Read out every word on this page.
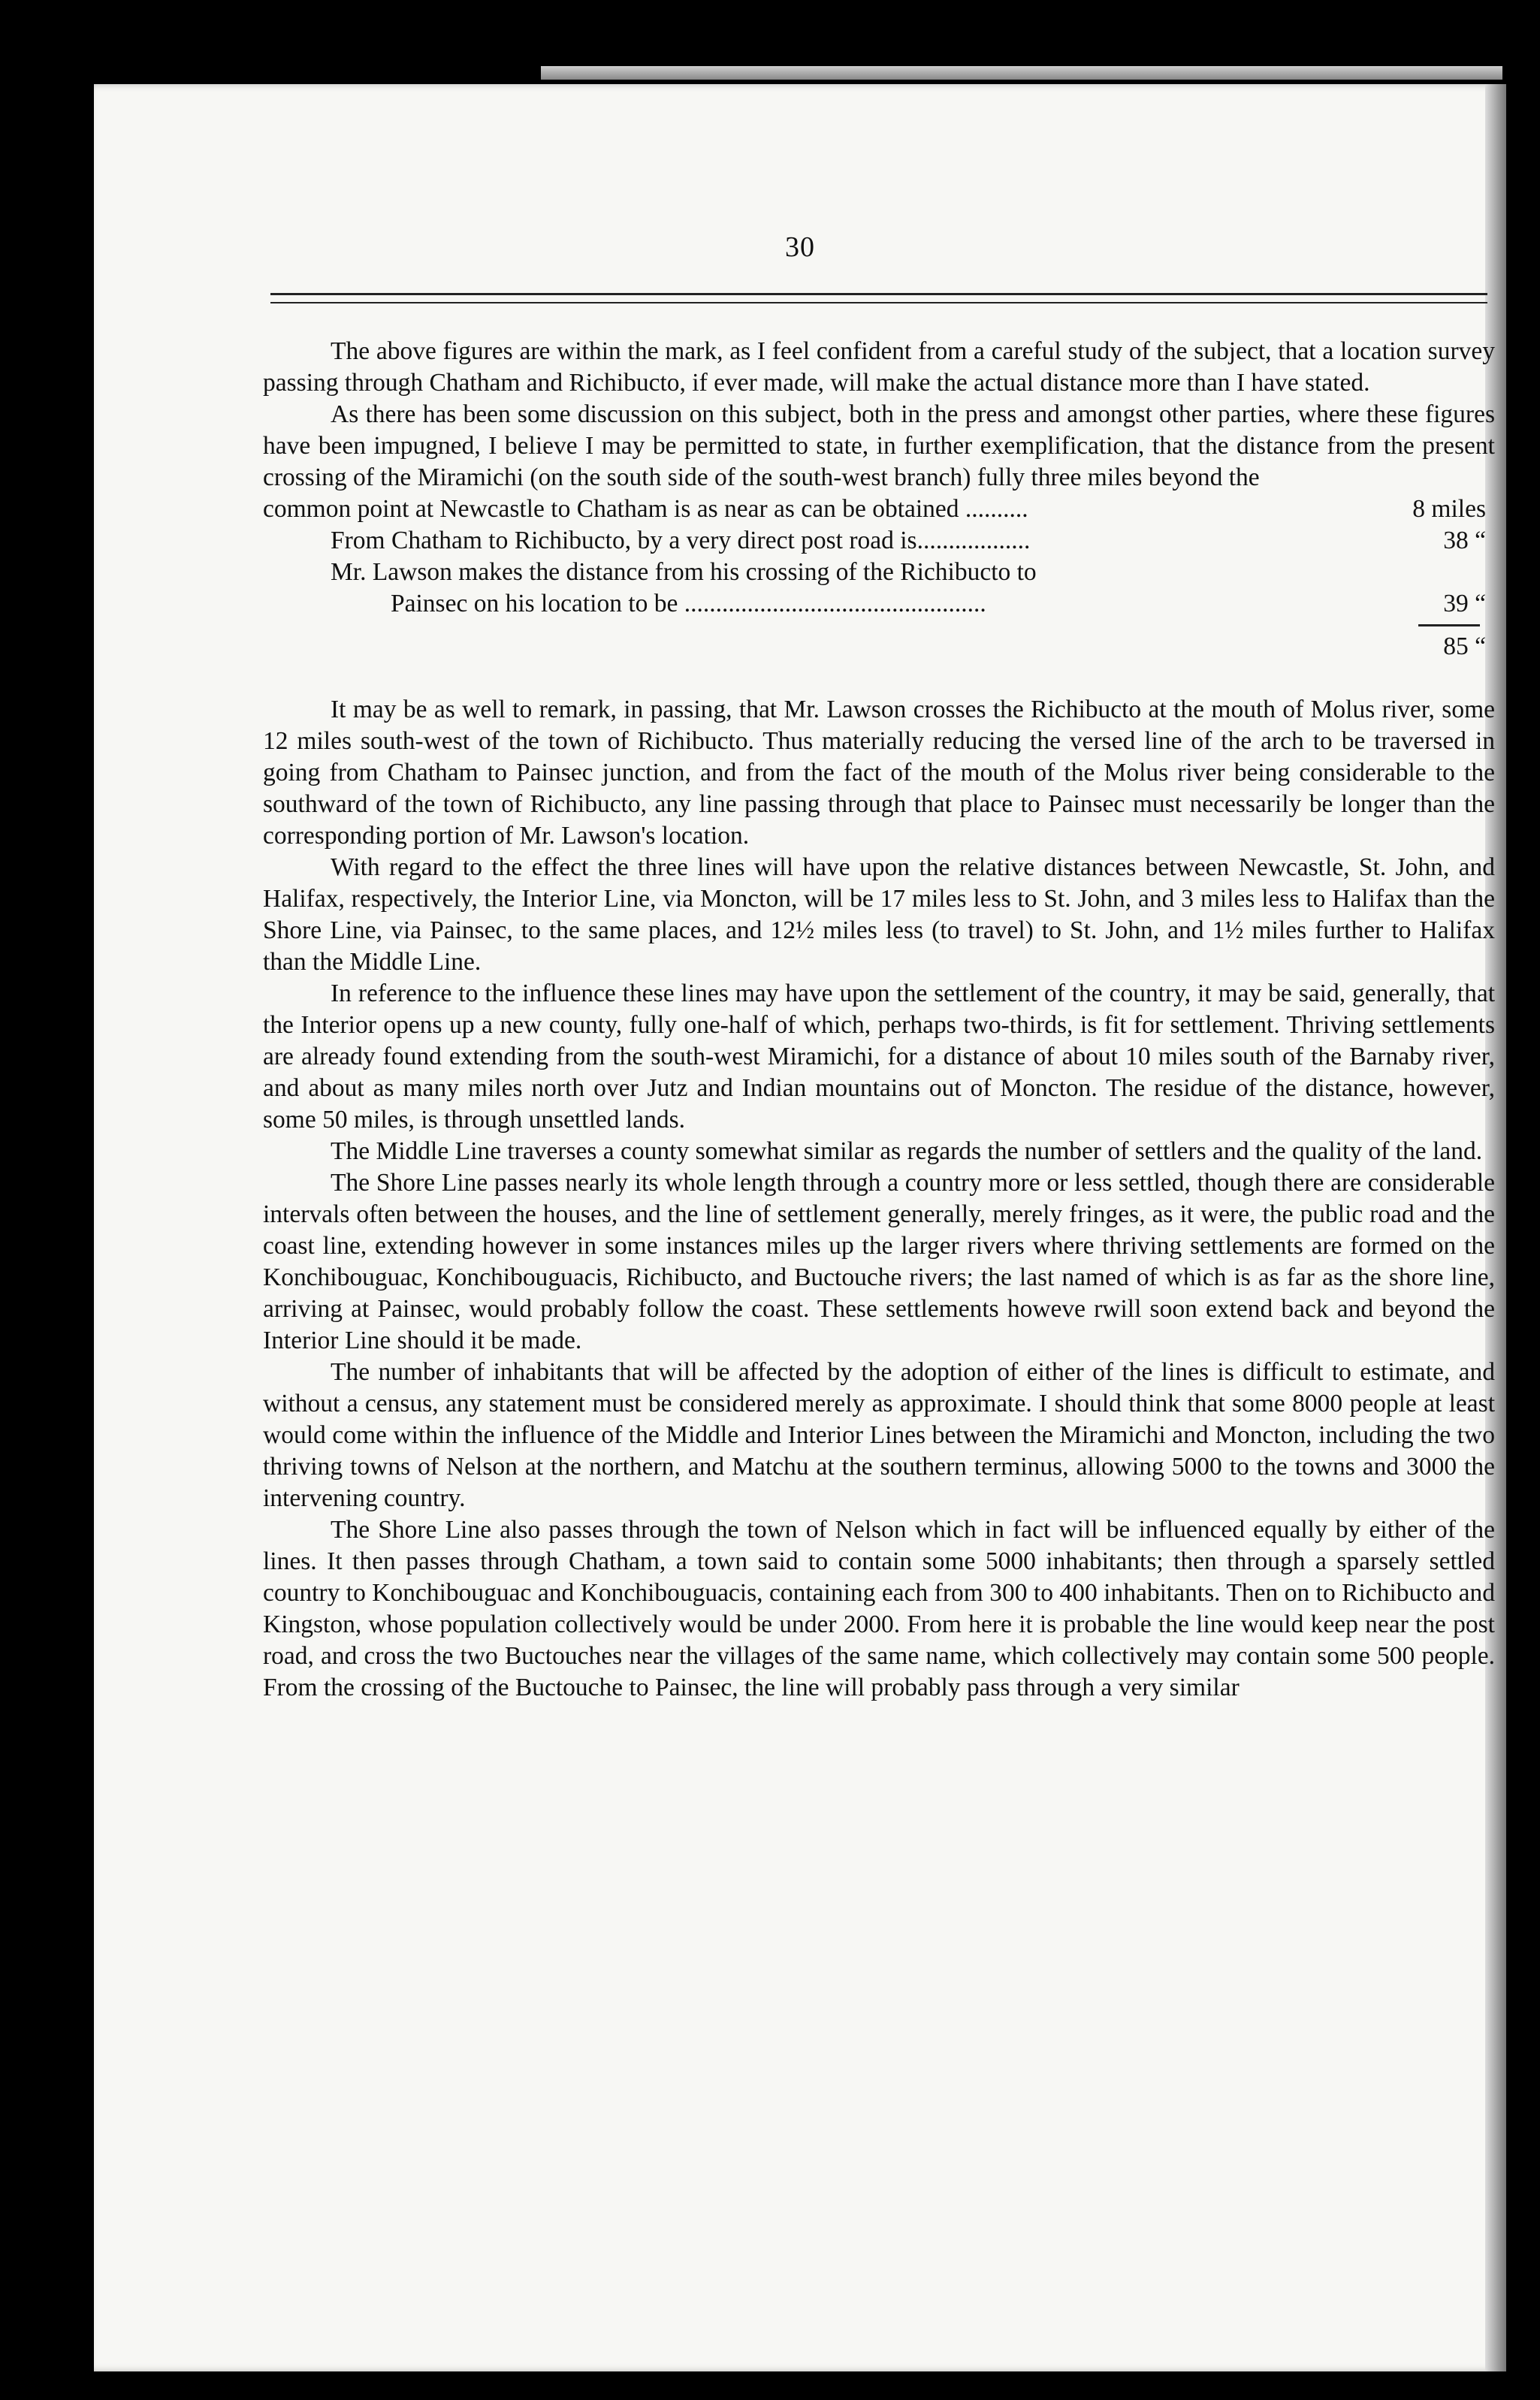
30

The above figures are within the mark, as I feel confident from a careful study of the subject, that a location survey passing through Chatham and Richibucto, if ever made, will make the actual distance more than I have stated.

As there has been some discussion on this subject, both in the press and amongst other parties, where these figures have been impugned, I believe I may be permitted to state, in further exemplification, that the distance from the present crossing of the Miramichi (on the south side of the south-west branch) fully three miles beyond the

common point at Newcastle to Chatham is as near as can be obtained ..........	8 miles
From Chatham to Richibucto, by a very direct post road is..................	38 “
Mr. Lawson makes the distance from his crossing of the Richibucto to
Painsec on his location to be ................................................	39 “
85 “

It may be as well to remark, in passing, that Mr. Lawson crosses the Richibucto at the mouth of Molus river, some 12 miles south-west of the town of Richibucto. Thus materially reducing the versed line of the arch to be traversed in going from Chatham to Painsec junction, and from the fact of the mouth of the Molus river being considerable to the southward of the town of Richibucto, any line passing through that place to Painsec must necessarily be longer than the corresponding portion of Mr. Lawson's location.

With regard to the effect the three lines will have upon the relative distances between Newcastle, St. John, and Halifax, respectively, the Interior Line, via Moncton, will be 17 miles less to St. John, and 3 miles less to Halifax than the Shore Line, via Painsec, to the same places, and 12½ miles less (to travel) to St. John, and 1½ miles further to Halifax than the Middle Line.

In reference to the influence these lines may have upon the settlement of the country, it may be said, generally, that the Interior opens up a new county, fully one-half of which, perhaps two-thirds, is fit for settlement. Thriving settlements are already found extending from the south-west Miramichi, for a distance of about 10 miles south of the Barnaby river, and about as many miles north over Jutz and Indian mountains out of Moncton. The residue of the distance, however, some 50 miles, is through unsettled lands.

The Middle Line traverses a county somewhat similar as regards the number of settlers and the quality of the land.

The Shore Line passes nearly its whole length through a country more or less settled, though there are considerable intervals often between the houses, and the line of settlement generally, merely fringes, as it were, the public road and the coast line, extending however in some instances miles up the larger rivers where thriving settlements are formed on the Konchibouguac, Konchibouguacis, Richibucto, and Buctouche rivers; the last named of which is as far as the shore line, arriving at Painsec, would probably follow the coast. These settlements howeve rwill soon extend back and beyond the Interior Line should it be made.

The number of inhabitants that will be affected by the adoption of either of the lines is difficult to estimate, and without a census, any statement must be considered merely as approximate. I should think that some 8000 people at least would come within the influence of the Middle and Interior Lines between the Miramichi and Moncton, including the two thriving towns of Nelson at the northern, and Matchu at the southern terminus, allowing 5000 to the towns and 3000 the intervening country.

The Shore Line also passes through the town of Nelson which in fact will be influenced equally by either of the lines. It then passes through Chatham, a town said to contain some 5000 inhabitants; then through a sparsely settled country to Konchibouguac and Konchibouguacis, containing each from 300 to 400 inhabitants. Then on to Richibucto and Kingston, whose population collectively would be under 2000. From here it is probable the line would keep near the post road, and cross the two Buctouches near the villages of the same name, which collectively may contain some 500 people. From the crossing of the Buctouche to Painsec, the line will probably pass through a very similar
